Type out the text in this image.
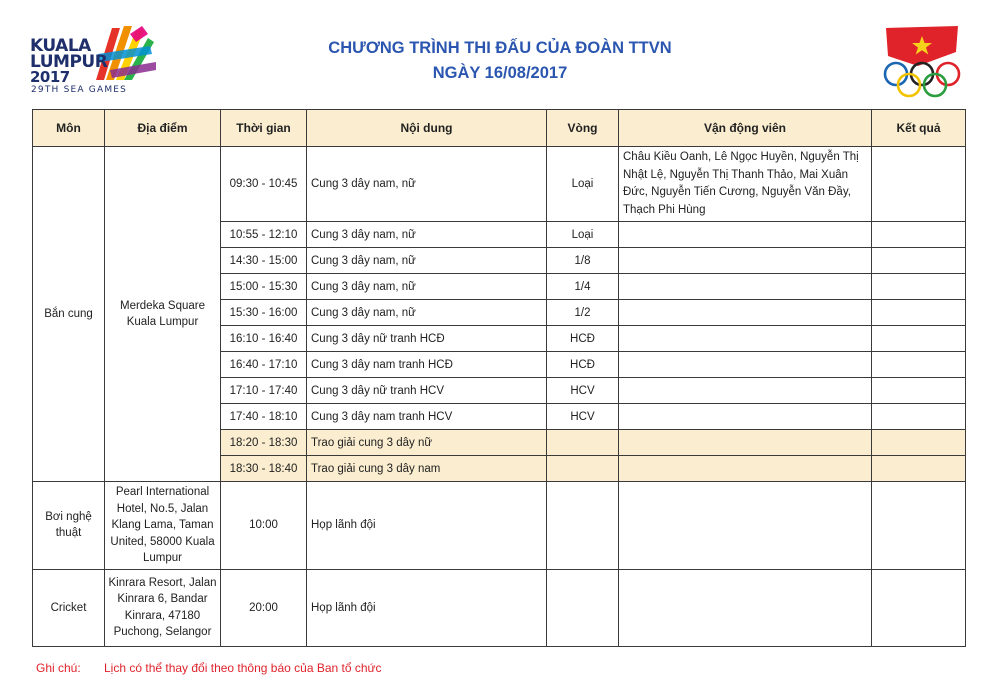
KUALA
LUMPUR
2017
29TH SEA GAMES
CHƯƠNG TRÌNH THI ĐẤU CỦA ĐOÀN TTVN
NGÀY 16/08/2017
Môn	Địa điểm	Thời gian	Nội dung	Vòng	Vận động viên	Kết quả
Bắn cung	Merdeka Square Kuala Lumpur	09:30 - 10:45	Cung 3 dây nam, nữ	Loại	Châu Kiều Oanh, Lê Ngọc Huyền, Nguyễn Thị Nhật Lệ, Nguyễn Thị Thanh Thảo, Mai Xuân Đức, Nguyễn Tiến Cương, Nguyễn Văn Đầy, Thạch Phi Hùng	
		10:55 - 12:10	Cung 3 dây nam, nữ	Loại		
		14:30 - 15:00	Cung 3 dây nam, nữ	1/8		
		15:00 - 15:30	Cung 3 dây nam, nữ	1/4		
		15:30 - 16:00	Cung 3 dây nam, nữ	1/2		
		16:10 - 16:40	Cung 3 dây nữ tranh HCĐ	HCĐ		
		16:40 - 17:10	Cung 3 dây nam tranh HCĐ	HCĐ		
		17:10 - 17:40	Cung 3 dây nữ tranh HCV	HCV		
		17:40 - 18:10	Cung 3 dây nam tranh HCV	HCV		
		18:20 - 18:30	Trao giải cung 3 dây nữ			
		18:30 - 18:40	Trao giải cung 3 dây nam			
Bơi nghệ thuật	Pearl International Hotel, No.5, Jalan Klang Lama, Taman United, 58000 Kuala Lumpur	10:00	Họp lãnh đội			
Cricket	Kinrara Resort, Jalan Kinrara 6, Bandar Kinrara, 47180 Puchong, Selangor	20:00	Họp lãnh đội			
Ghi chú: Lịch có thể thay đổi theo thông báo của Ban tổ chức
